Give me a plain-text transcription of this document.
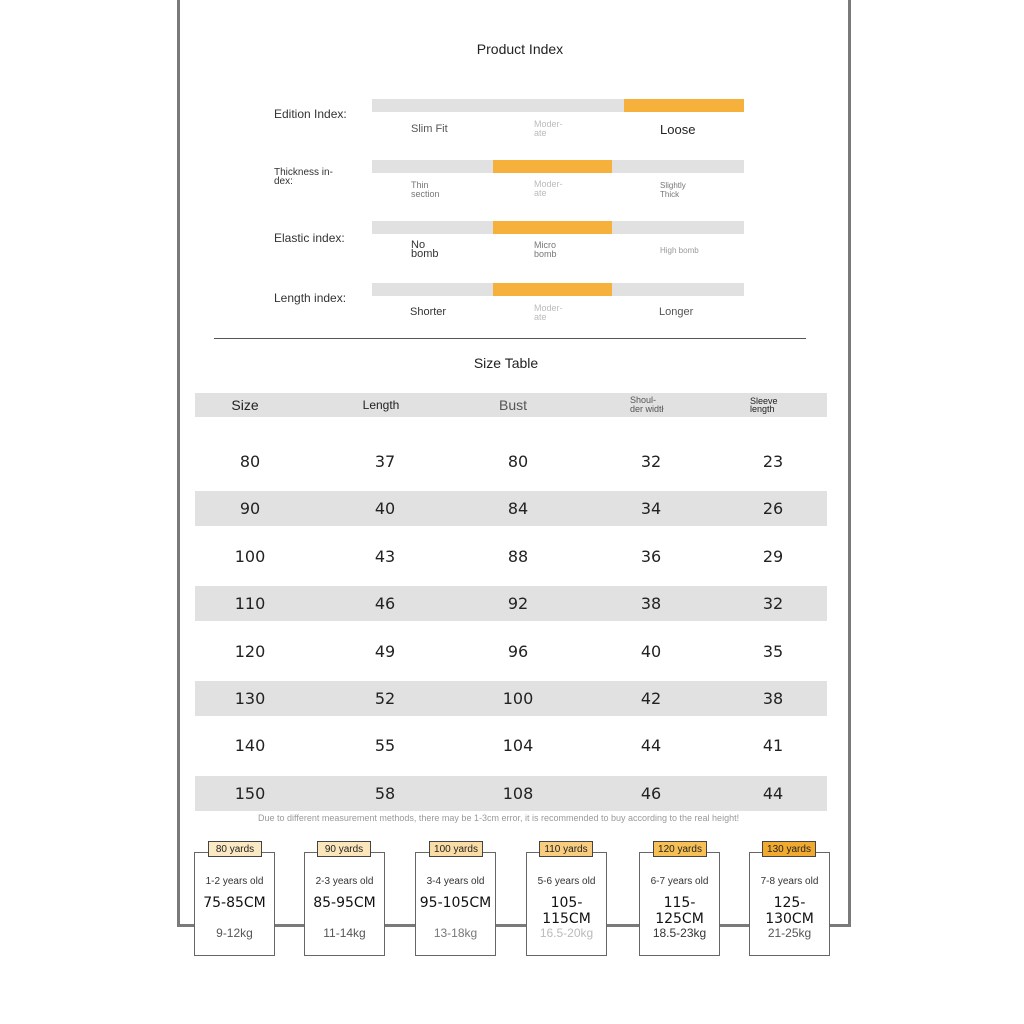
Product Index
Edition Index:
Slim Fit	Moder-
ate	Loose
Thickness in-
dex:	Thin
section
Moder-
ate
Slightly
Thick
Elastic index:	No
bomb
Micro
bomb	High bomb
Length index:
Shorter	Moder-
ate	Longer
Size Table
Size	Length	Bust	Shoul-
der widtł
Sleeve
length
80	37	80	32	23
90	40	84	34	26
100	43	88	36	29
110	46	92	38	32
120	49	96	40	35
130	52	100	42	38
140	55	104	44	41
150	58	108	46	44
Due to different measurement methods, there may be 1-3cm error, it is recommended to buy according to the real height!
1-2 years old
75-85CM
9-12kg
80 yards
2-3 years old
85-95CM
11-14kg
90 yards
3-4 years old
95-105CM
13-18kg
100 yards
5-6 years old
105-115CM
16.5-20kg
110 yards
6-7 years old
115-125CM
18.5-23kg
120 yards
7-8 years old
125-130CM
21-25kg
130 yards
